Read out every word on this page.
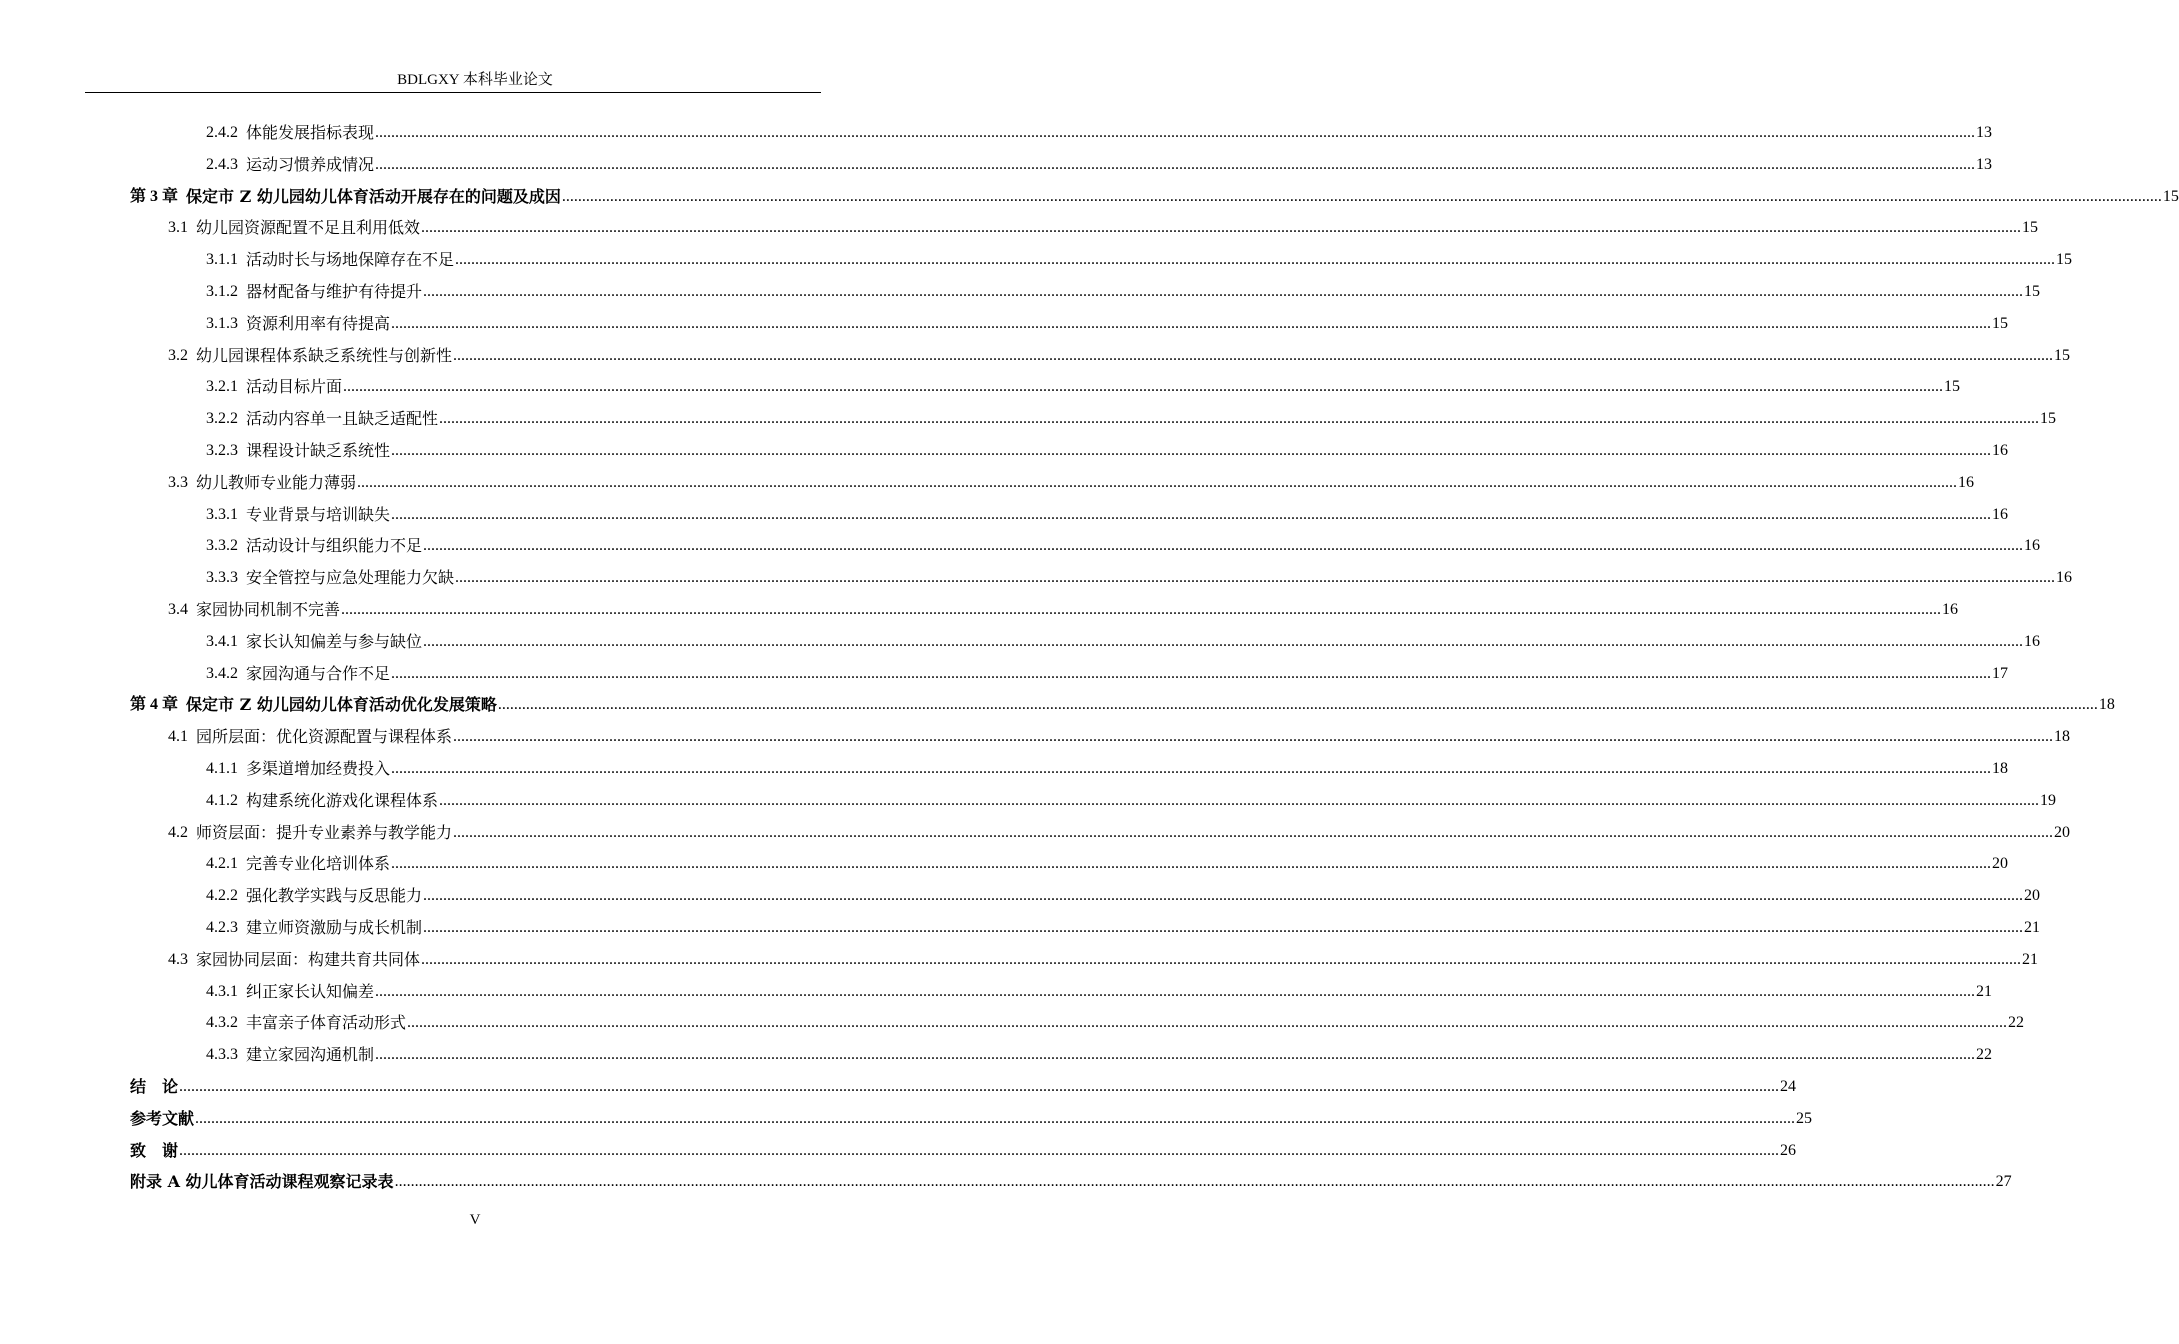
BDLGXY 本科毕业论文
2.4.2 体能发展指标表现 ................................................................................................................................................................................................................................................................................................................................................................................................................ 13
2.4.3 运动习惯养成情况 ................................................................................................................................................................................................................................................................................................................................................................................................................ 13
第 3 章 保定市 Z 幼儿园幼儿体育活动开展存在的问题及成因 ................................................................................................................................................................................................................................................................................................................................................................................................................ 15
3.1 幼儿园资源配置不足且利用低效 ................................................................................................................................................................................................................................................................................................................................................................................................................ 15
3.1.1 活动时长与场地保障存在不足 ................................................................................................................................................................................................................................................................................................................................................................................................................ 15
3.1.2 器材配备与维护有待提升 ................................................................................................................................................................................................................................................................................................................................................................................................................ 15
3.1.3 资源利用率有待提高 ................................................................................................................................................................................................................................................................................................................................................................................................................ 15
3.2 幼儿园课程体系缺乏系统性与创新性 ................................................................................................................................................................................................................................................................................................................................................................................................................ 15
3.2.1 活动目标片面 ................................................................................................................................................................................................................................................................................................................................................................................................................ 15
3.2.2 活动内容单一且缺乏适配性 ................................................................................................................................................................................................................................................................................................................................................................................................................ 15
3.2.3 课程设计缺乏系统性 ................................................................................................................................................................................................................................................................................................................................................................................................................ 16
3.3 幼儿教师专业能力薄弱 ................................................................................................................................................................................................................................................................................................................................................................................................................ 16
3.3.1 专业背景与培训缺失 ................................................................................................................................................................................................................................................................................................................................................................................................................ 16
3.3.2 活动设计与组织能力不足 ................................................................................................................................................................................................................................................................................................................................................................................................................ 16
3.3.3 安全管控与应急处理能力欠缺 ................................................................................................................................................................................................................................................................................................................................................................................................................ 16
3.4 家园协同机制不完善 ................................................................................................................................................................................................................................................................................................................................................................................................................ 16
3.4.1 家长认知偏差与参与缺位 ................................................................................................................................................................................................................................................................................................................................................................................................................ 16
3.4.2 家园沟通与合作不足 ................................................................................................................................................................................................................................................................................................................................................................................................................ 17
第 4 章 保定市 Z 幼儿园幼儿体育活动优化发展策略 ................................................................................................................................................................................................................................................................................................................................................................................................................ 18
4.1 园所层面：优化资源配置与课程体系 ................................................................................................................................................................................................................................................................................................................................................................................................................ 18
4.1.1 多渠道增加经费投入 ................................................................................................................................................................................................................................................................................................................................................................................................................ 18
4.1.2 构建系统化游戏化课程体系 ................................................................................................................................................................................................................................................................................................................................................................................................................ 19
4.2 师资层面：提升专业素养与教学能力 ................................................................................................................................................................................................................................................................................................................................................................................................................ 20
4.2.1 完善专业化培训体系 ................................................................................................................................................................................................................................................................................................................................................................................................................ 20
4.2.2 强化教学实践与反思能力 ................................................................................................................................................................................................................................................................................................................................................................................................................ 20
4.2.3 建立师资激励与成长机制 ................................................................................................................................................................................................................................................................................................................................................................................................................ 21
4.3 家园协同层面：构建共育共同体 ................................................................................................................................................................................................................................................................................................................................................................................................................ 21
4.3.1 纠正家长认知偏差 ................................................................................................................................................................................................................................................................................................................................................................................................................ 21
4.3.2 丰富亲子体育活动形式 ................................................................................................................................................................................................................................................................................................................................................................................................................ 22
4.3.3 建立家园沟通机制 ................................................................................................................................................................................................................................................................................................................................................................................................................ 22
结　论 ................................................................................................................................................................................................................................................................................................................................................................................................................ 24
参考文献 ................................................................................................................................................................................................................................................................................................................................................................................................................ 25
致　谢 ................................................................................................................................................................................................................................................................................................................................................................................................................ 26
附录 A 幼儿体育活动课程观察记录表 ................................................................................................................................................................................................................................................................................................................................................................................................................ 27
V
